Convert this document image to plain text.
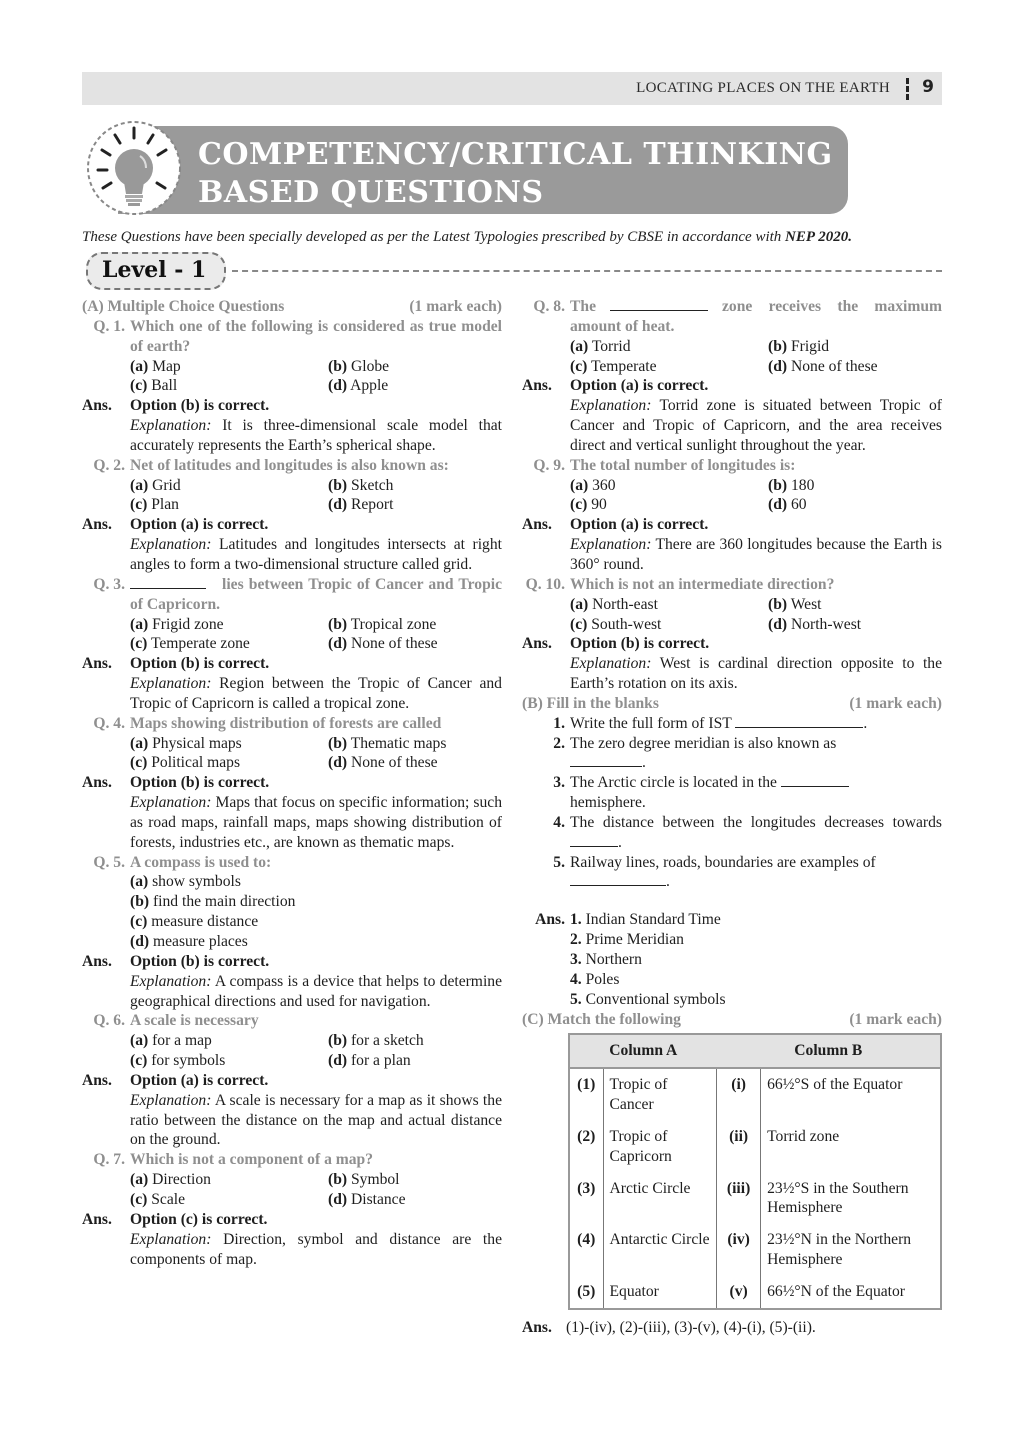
LOCATING PLACES ON THE EARTH 9
COMPETENCY/CRITICAL THINKING
BASED QUESTIONS
These Questions have been specially developed as per the Latest Typologies prescribed by CBSE in accordance with NEP 2020.
Level - 1
(A) Multiple Choice Questions	(1 mark each)
Q. 1. Which one of the following is considered as true model of earth?
(a) Map	(b) Globe
(c) Ball	(d) Apple
Ans.	Option (b) is correct.
Explanation: It is three-dimensional scale model that accurately represents the Earth’s spherical shape.
Q. 2. Net of latitudes and longitudes is also known as:
(a) Grid	(b) Sketch
(c) Plan	(d) Report
Ans.	Option (a) is correct.
Explanation: Latitudes and longitudes intersects at right angles to form a two-dimensional structure called grid.
Q. 3.	lies between Tropic of Cancer and Tropic of Capricorn.
(a) Frigid zone	(b) Tropical zone
(c) Temperate zone	(d) None of these
Ans.	Option (b) is correct.
Explanation: Region between the Tropic of Cancer and Tropic of Capricorn is called a tropical zone.
Q. 4. Maps showing distribution of forests are called
(a) Physical maps	(b) Thematic maps
(c) Political maps	(d) None of these
Ans.	Option (b) is correct.
Explanation: Maps that focus on specific information; such as road maps, rainfall maps, maps showing distribution of forests, industries etc., are known as thematic maps.
Q. 5. A compass is used to:
(a) show symbols
(b) find the main direction
(c) measure distance
(d) measure places
Ans.	Option (b) is correct.
Explanation: A compass is a device that helps to determine geographical directions and used for navigation.
Q. 6. A scale is necessary
(a) for a map	(b) for a sketch
(c) for symbols	(d) for a plan
Ans.	Option (a) is correct.
Explanation: A scale is necessary for a map as it shows the ratio between the distance on the map and actual distance on the ground.
Q. 7. Which is not a component of a map?
(a) Direction	(b) Symbol
(c) Scale	(d) Distance
Ans.	Option (c) is correct.
Explanation: Direction, symbol and distance are the components of map.
Q. 8. The	zone receives the maximum amount of heat.
(a) Torrid	(b) Frigid
(c) Temperate	(d) None of these
Ans.	Option (a) is correct.
Explanation: Torrid zone is situated between Tropic of Cancer and Tropic of Capricorn, and the area receives direct and vertical sunlight throughout the year.
Q. 9. The total number of longitudes is:
(a) 360	(b) 180
(c) 90	(d) 60
Ans.	Option (a) is correct.
Explanation: There are 360 longitudes because the Earth is 360° round.
Q. 10. Which is not an intermediate direction?
(a) North-east	(b) West
(c) South-west	(d) North-west
Ans.	Option (b) is correct.
Explanation: West is cardinal direction opposite to the Earth’s rotation on its axis.
(B) Fill in the blanks	(1 mark each)
1. Write the full form of IST	.
2. The zero degree meridian is also known as
.
3. The Arctic circle is located in the
hemisphere.
4. The distance between the longitudes decreases towards .
5. Railway lines, roads, boundaries are examples of
.
Ans. 1. Indian Standard Time
2. Prime Meridian
3. Northern
4. Poles
5. Conventional symbols
(C) Match the following	(1 mark each)
Column A		Column B	
(1)	Tropic of Cancer	(i)	66½°S of the Equator
(2)	Tropic of Capricorn	(ii)	Torrid zone
(3)	Arctic Circle	(iii)	23½°S in the Southern Hemisphere
(4)	Antarctic Circle	(iv)	23½°N in the Northern Hemisphere
(5)	Equator	(v)	66½°N of the Equator
Ans. (1)-(iv), (2)-(iii), (3)-(v), (4)-(i), (5)-(ii).
